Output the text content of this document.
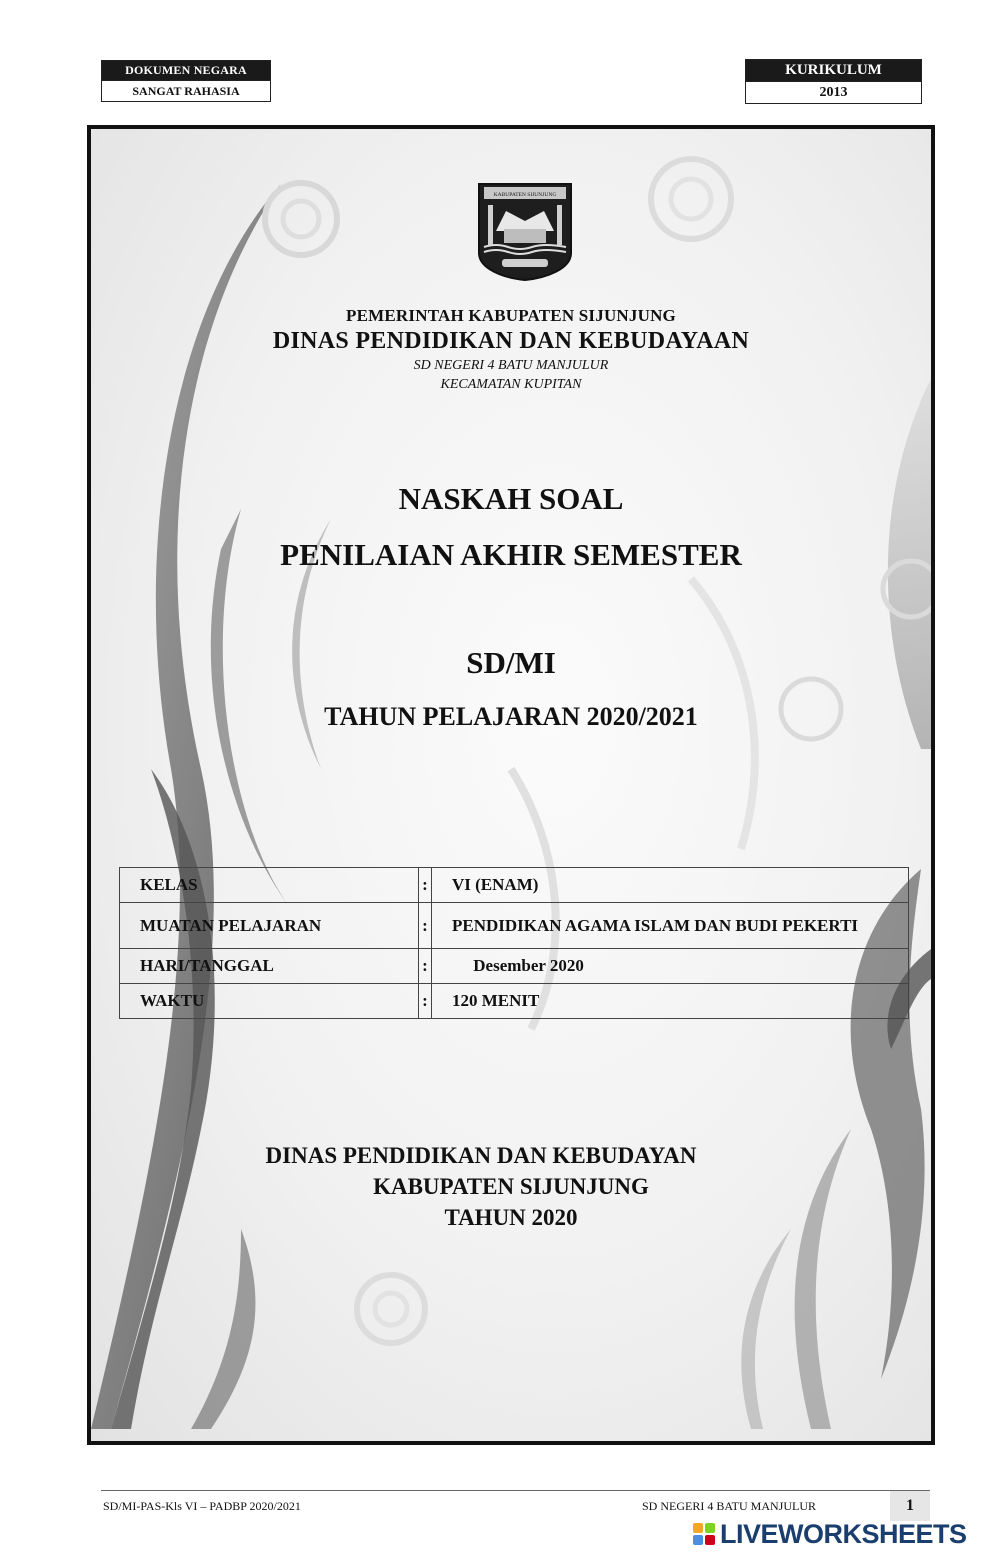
DOKUMEN NEGARA
SANGAT RAHASIA
KURIKULUM
2013
KABUPATEN SIJUNJUNG
PEMERINTAH KABUPATEN SIJUNJUNG
DINAS PENDIDIKAN DAN KEBUDAYAAN
SD NEGERI 4 BATU MANJULUR
KECAMATAN KUPITAN
NASKAH SOAL
PENILAIAN AKHIR SEMESTER
SD/MI
TAHUN PELAJARAN 2020/2021
KELAS	:	VI (ENAM)
MUATAN PELAJARAN	:	PENDIDIKAN AGAMA ISLAM DAN BUDI PEKERTI
HARI/TANGGAL	:	Desember 2020
WAKTU	:	120 MENIT
DINAS PENDIDIKAN DAN KEBUDAYAN
KABUPATEN SIJUNJUNG
TAHUN 2020
SD/MI-PAS-Kls VI – PADBP 2020/2021	SD NEGERI 4 BATU MANJULUR	1
LIVEWORKSHEETS
